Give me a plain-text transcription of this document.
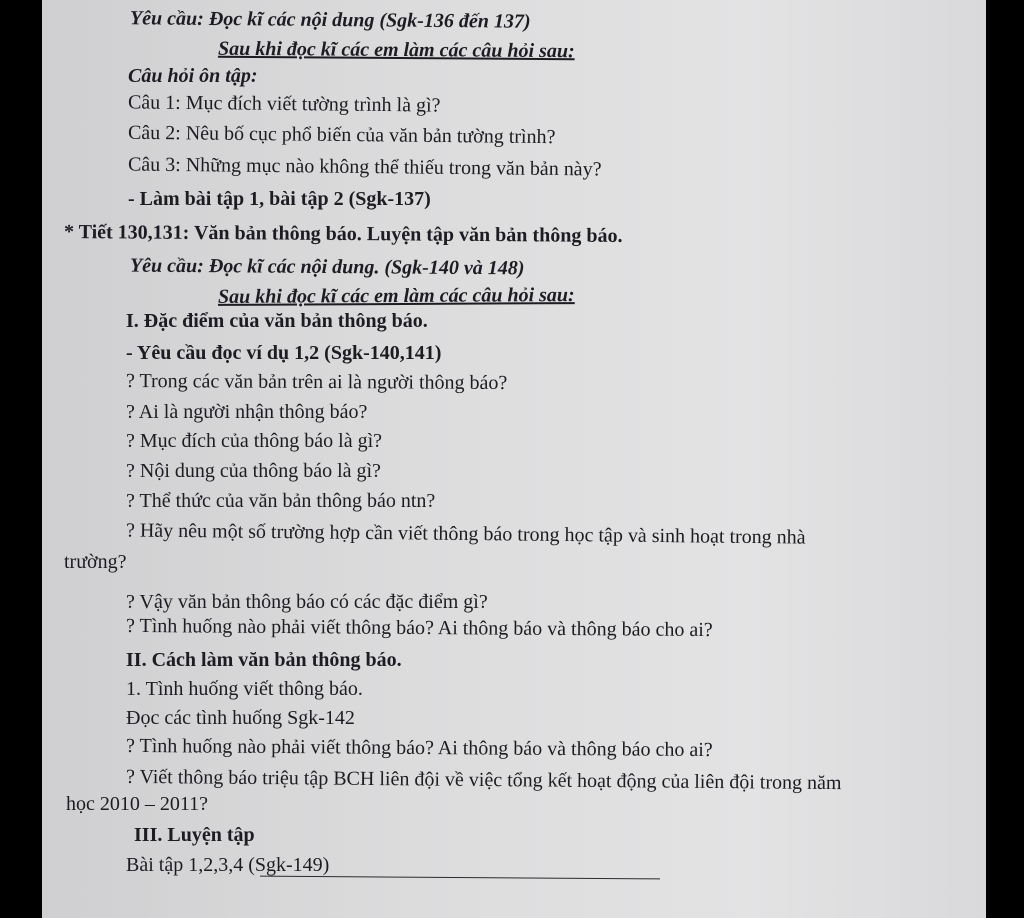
Yêu cầu: Đọc kĩ các nội dung (Sgk-136 đến 137)
Sau khi đọc kĩ các em làm các câu hỏi sau:
Câu hỏi ôn tập:
Câu 1: Mục đích viết tường trình là gì?
Câu 2: Nêu bố cục phổ biến của văn bản tường trình?
Câu 3: Những mục nào không thể thiếu trong văn bản này?
- Làm bài tập 1, bài tập 2 (Sgk-137)
* Tiết 130,131: Văn bản thông báo. Luyện tập văn bản thông báo.
Yêu cầu: Đọc kĩ các nội dung. (Sgk-140 và 148)
Sau khi đọc kĩ các em làm các câu hỏi sau:
I. Đặc điểm của văn bản thông báo.
- Yêu cầu đọc ví dụ 1,2 (Sgk-140,141)
? Trong các văn bản trên ai là người thông báo?
? Ai là người nhận thông báo?
? Mục đích của thông báo là gì?
? Nội dung của thông báo là gì?
? Thể thức của văn bản thông báo ntn?
? Hãy nêu một số trường hợp cần viết thông báo trong học tập và sinh hoạt trong nhà
trường?
? Vậy văn bản thông báo có các đặc điểm gì?
? Tình huống nào phải viết thông báo? Ai thông báo và thông báo cho ai?
II. Cách làm văn bản thông báo.
1. Tình huống viết thông báo.
Đọc các tình huống Sgk-142
? Tình huống nào phải viết thông báo? Ai thông báo và thông báo cho ai?
? Viết thông báo triệu tập BCH liên đội về việc tổng kết hoạt động của liên đội trong năm
học 2010 – 2011?
III. Luyện tập
Bài tập 1,2,3,4 (Sgk-149)
